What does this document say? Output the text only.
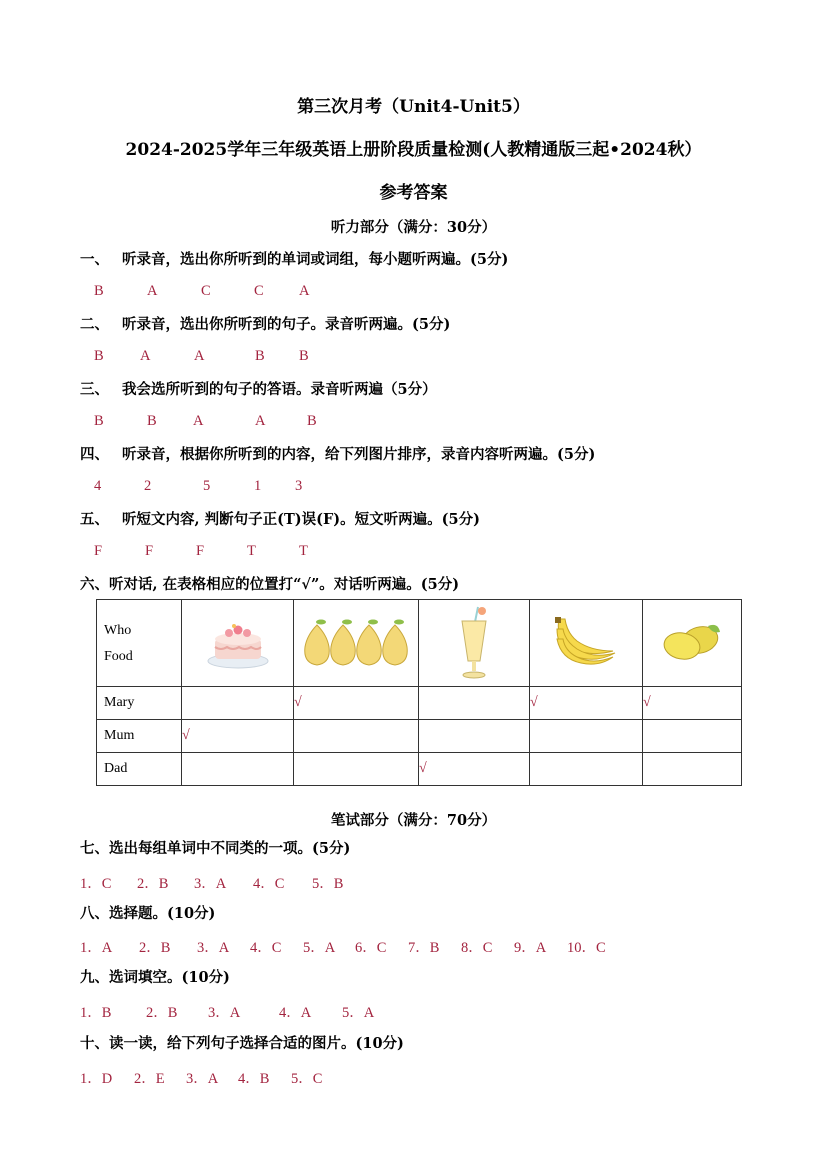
第三次月考（Unit4-Unit5）
2024-2025学年三年级英语上册阶段质量检测(人教精通版三起•2024秋）
参考答案
听力部分（满分：30分）
一、 听录音，选出你所听到的单词或词组，每小题听两遍。(5分)
B	A	C	C A
二、 听录音，选出你所听到的句子。录音听两遍。(5分)
B	A	A	B B
三、 我会选所听到的句子的答语。录音听两遍（5分）
B	B	A	A	B
四、 听录音，根据你所听到的内容，给下列图片排序，录音内容听两遍。(5分)
4	2	5	1 3
五、 听短文内容, 判断句子正(T)误(F)。短文听两遍。(5分)
F	F	F	T	T
六、听对话, 在表格相应的位置打“√”。对话听两遍。(5分)
Who
Food

Mary		√		√	√
Mum	√				
Dad			√		
笔试部分（满分：70分）
七、选出每组单词中不同类的一项。(5分)
1．C 2．B 3．A 4．C 5．B
八、选择题。(10分)
1．A 2．B 3．A 4．C 5．A 6．C 7．B 8．C 9．A 10．C
九、选词填空。(10分)
1．B 2．B 3．A	4．A 5．A
十、读一读，给下列句子选择合适的图片。(10分)
1．D 2．E 3．A 4．B 5．C
